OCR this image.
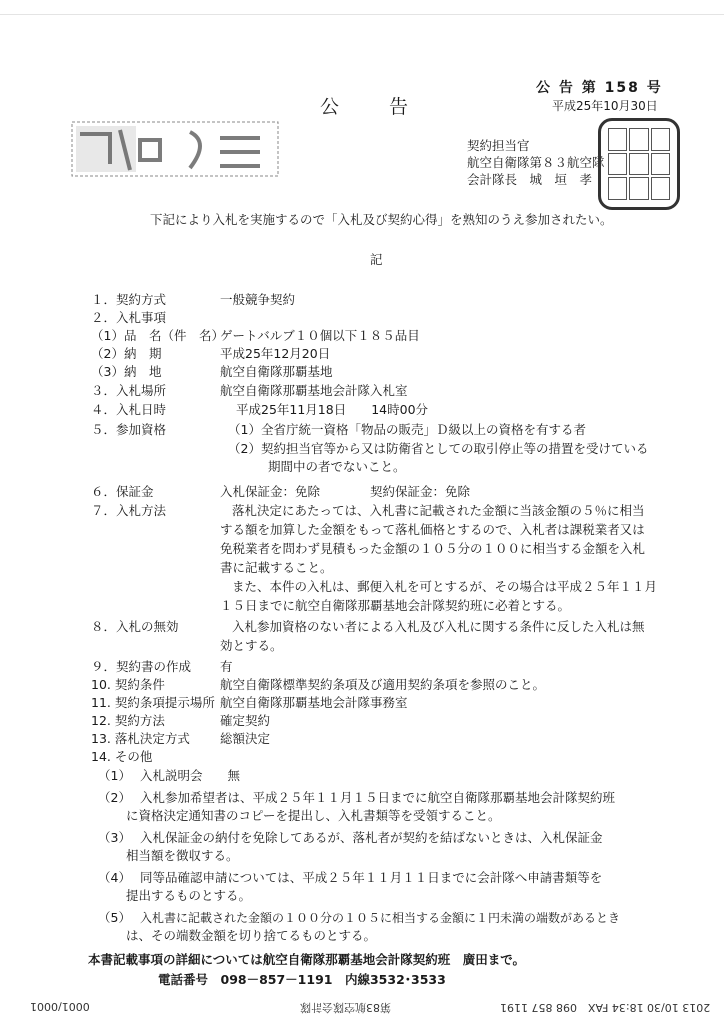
公 告 第 158 号
平成25年10月30日
公　　告
契約担当官
航空自衛隊第８３航空隊
会計隊長　城　垣　孝
下記により入札を実施するので「入札及び契約心得」を熟知のうえ参加されたい。
記
１．契約方式	一般競争契約
２．入札事項
（1）品　名（件　名）
ゲートバルブ１０個以下１８５品目
（2）納　期	平成25年12月20日
（3）納　地	航空自衛隊那覇基地
３．入札場所	航空自衛隊那覇基地会計隊入札室
４．入札日時	平成25年11月18日　　14時00分
５．参加資格	（1）全省庁統一資格「物品の販売」Ｄ級以上の資格を有する者
（2）契約担当官等から又は防衛省としての取引停止等の措置を受けている
期間中の者でないこと。
６．保証金	入札保証金：免除　　　　契約保証金：免除
７．入札方法	落札決定にあたっては、入札書に記載された金額に当該金額の５％に相当
する額を加算した金額をもって落札価格とするので、入札者は課税業者又は
免税業者を問わず見積もった金額の１０５分の１００に相当する金額を入札
書に記載すること。
また、本件の入札は、郵便入札を可とするが、その場合は平成２５年１１月
１５日までに航空自衛隊那覇基地会計隊契約班に必着とする。
８．入札の無効	入札参加資格のない者による入札及び入札に関する条件に反した入札は無
効とする。
９．契約書の作成 有
10. 契約条件	航空自衛隊標準契約条項及び適用契約条項を参照のこと。
11. 契約条項提示場所 航空自衛隊那覇基地会計隊事務室
12. 契約方法	確定契約
13. 落札決定方式 総額決定
14. その他
（1） 入札説明会　　無
（2） 入札参加希望者は、平成２５年１１月１５日までに航空自衛隊那覇基地会計隊契約班
に資格決定通知書のコピーを提出し、入札書類等を受領すること。
（3） 入札保証金の納付を免除してあるが、落札者が契約を結ばないときは、入札保証金
相当額を徴収する。
（4） 同等品確認申請については、平成２５年１１月１１日までに会計隊へ申請書類等を
提出するものとする。
（5） 入札書に記載された金額の１００分の１０５に相当する金額に１円未満の端数があるとき
は、その端数金額を切り捨てるものとする。
本書記載事項の詳細については航空自衛隊那覇基地会計隊契約班　廣田まで。
電話番号　098－857－1191　内線3532･3533
2013 10/30 18:34 FAX　098 857 1191
第83航空隊会計隊
0001/0001
